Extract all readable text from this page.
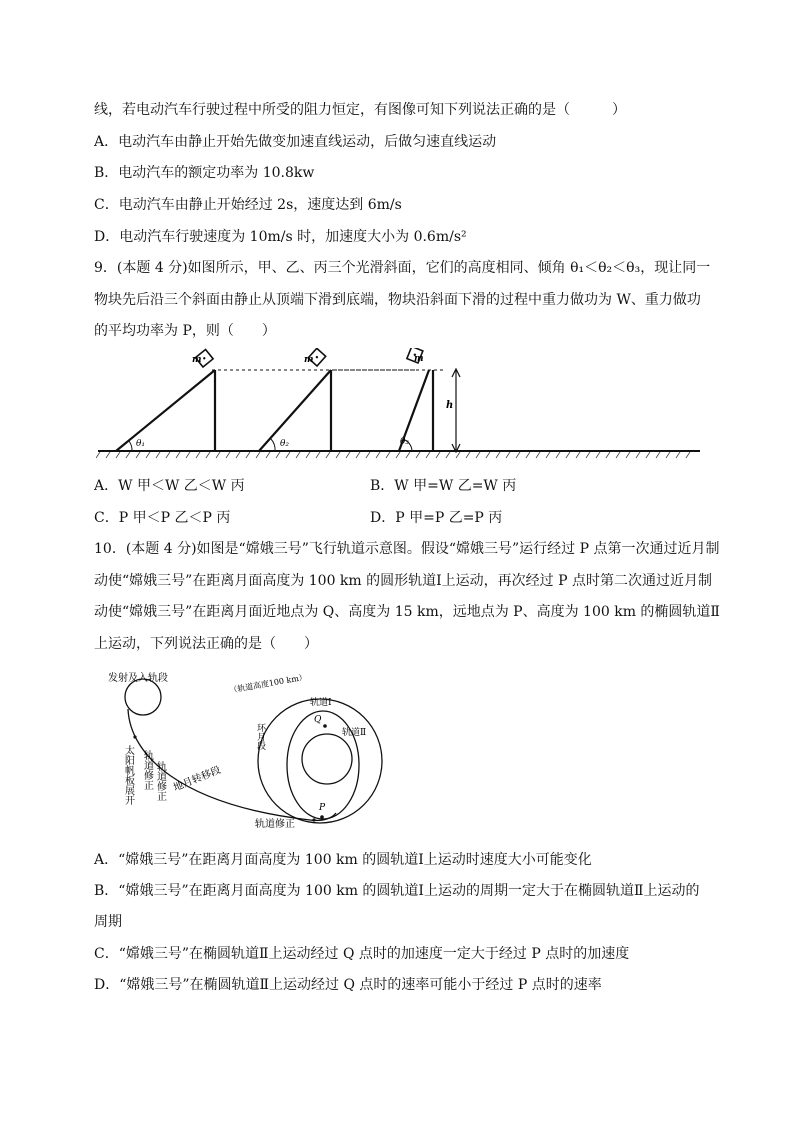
线，若电动汽车行驶过程中所受的阻力恒定，有图像可知下列说法正确的是（　　　）
A．电动汽车由静止开始先做变加速直线运动，后做匀速直线运动
B．电动汽车的额定功率为 10.8kw
C．电动汽车由静止开始经过 2s，速度达到 6m/s
D．电动汽车行驶速度为 10m/s 时，加速度大小为 0.6m/s²
9．(本题 4 分)如图所示，甲、乙、丙三个光滑斜面，它们的高度相同、倾角 θ₁＜θ₂＜θ₃，现让同一
物块先后沿三个斜面由静止从顶端下滑到底端，物块沿斜面下滑的过程中重力做功为 W、重力做功
的平均功率为 P，则（　　）
m
θ₁
m
θ₂
m
θ₃
h
A．W 甲＜W 乙＜W 丙	B．W 甲=W 乙=W 丙
C．P 甲＜P 乙＜P 丙	D．P 甲=P 乙=P 丙
10．(本题 4 分)如图是“嫦娥三号”飞行轨道示意图。假设“嫦娥三号”运行经过 P 点第一次通过近月制
动使“嫦娥三号”在距离月面高度为 100 km 的圆形轨道Ⅰ上运动，再次经过 P 点时第二次通过近月制
动使“嫦娥三号”在距离月面近地点为 Q、高度为 15 km，远地点为 P、高度为 100 km 的椭圆轨道Ⅱ
上运动，下列说法正确的是（　　）
发射及入轨段
太阳帆板展开 轨道修正 轨道修正 地月转移段
轨道修正
Q
P
（轨道高度100 km）
轨道Ⅰ
轨道Ⅱ
环月段
A．“嫦娥三号”在距离月面高度为 100 km 的圆轨道Ⅰ上运动时速度大小可能变化
B．“嫦娥三号”在距离月面高度为 100 km 的圆轨道Ⅰ上运动的周期一定大于在椭圆轨道Ⅱ上运动的
周期
C．“嫦娥三号”在椭圆轨道Ⅱ上运动经过 Q 点时的加速度一定大于经过 P 点时的加速度
D．“嫦娥三号”在椭圆轨道Ⅱ上运动经过 Q 点时的速率可能小于经过 P 点时的速率
